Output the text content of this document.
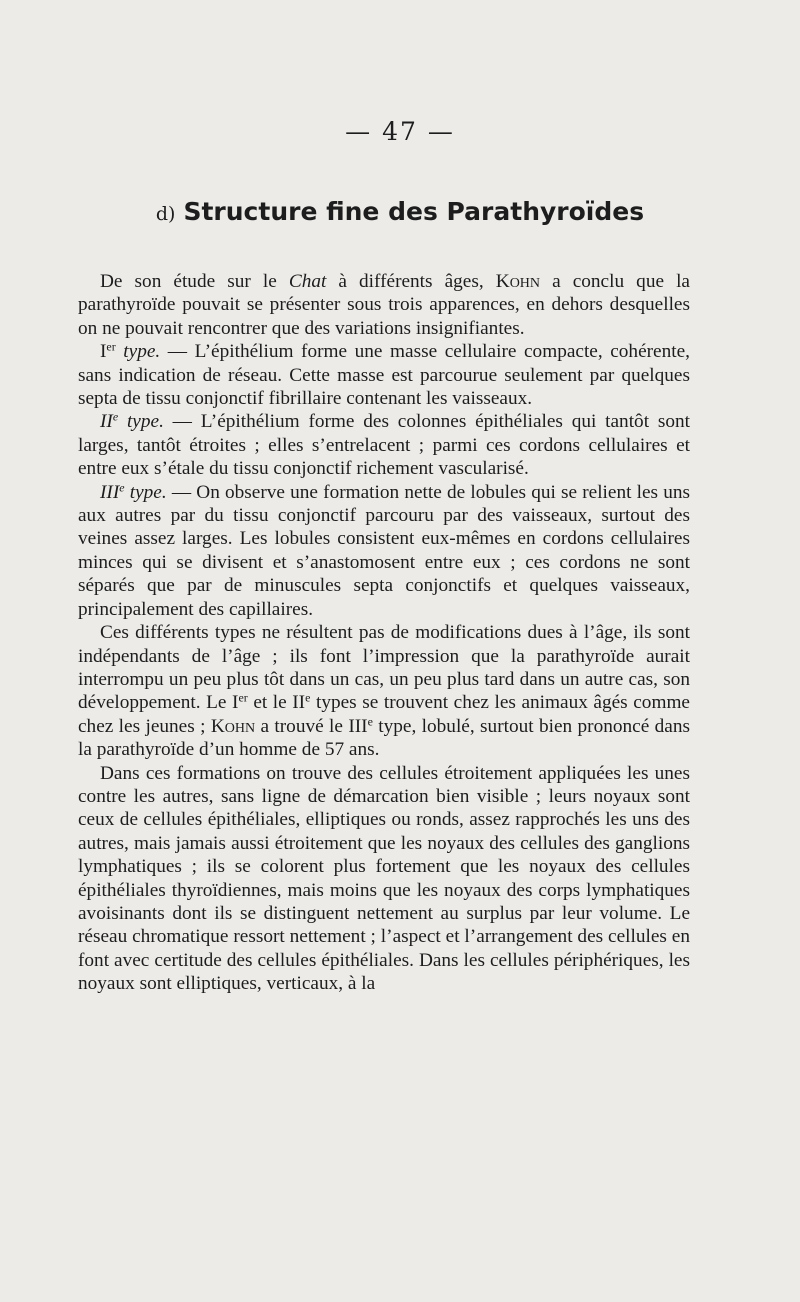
— 47 —
d) Structure fine des Parathyroïdes

De son étude sur le Chat à différents âges, Kohn a conclu que la parathyroïde pouvait se présenter sous trois apparences, en dehors desquelles on ne pouvait rencontrer que des variations insignifiantes.

Ier type. — L’épithélium forme une masse cellulaire compacte, cohérente, sans indication de réseau. Cette masse est parcourue seulement par quelques septa de tissu conjonctif fibrillaire contenant les vaisseaux.

IIe type. — L’épithélium forme des colonnes épithéliales qui tantôt sont larges, tantôt étroites ; elles s’entrelacent ; parmi ces cordons cellulaires et entre eux s’étale du tissu conjonctif richement vascularisé.

IIIe type. — On observe une formation nette de lobules qui se relient les uns aux autres par du tissu conjonctif parcouru par des vaisseaux, surtout des veines assez larges. Les lobules consistent eux-mêmes en cordons cellulaires minces qui se divisent et s’anastomosent entre eux ; ces cordons ne sont séparés que par de minuscules septa conjonctifs et quelques vaisseaux, principalement des capillaires.

Ces différents types ne résultent pas de modifications dues à l’âge, ils sont indépendants de l’âge ; ils font l’impression que la parathyroïde aurait interrompu un peu plus tôt dans un cas, un peu plus tard dans un autre cas, son développement. Le Ier et le IIe types se trouvent chez les animaux âgés comme chez les jeunes ; Kohn a trouvé le IIIe type, lobulé, surtout bien prononcé dans la parathyroïde d’un homme de 57 ans.

Dans ces formations on trouve des cellules étroitement appliquées les unes contre les autres, sans ligne de démarcation bien visible ; leurs noyaux sont ceux de cellules épithéliales, elliptiques ou ronds, assez rapprochés les uns des autres, mais jamais aussi étroitement que les noyaux des cellules des ganglions lymphatiques ; ils se colorent plus fortement que les noyaux des cellules épithéliales thyroïdiennes, mais moins que les noyaux des corps lymphatiques avoisinants dont ils se distinguent nettement au surplus par leur volume. Le réseau chromatique ressort nettement ; l’aspect et l’arrangement des cellules en font avec certitude des cellules épithéliales. Dans les cellules périphériques, les noyaux sont elliptiques, verticaux, à la
